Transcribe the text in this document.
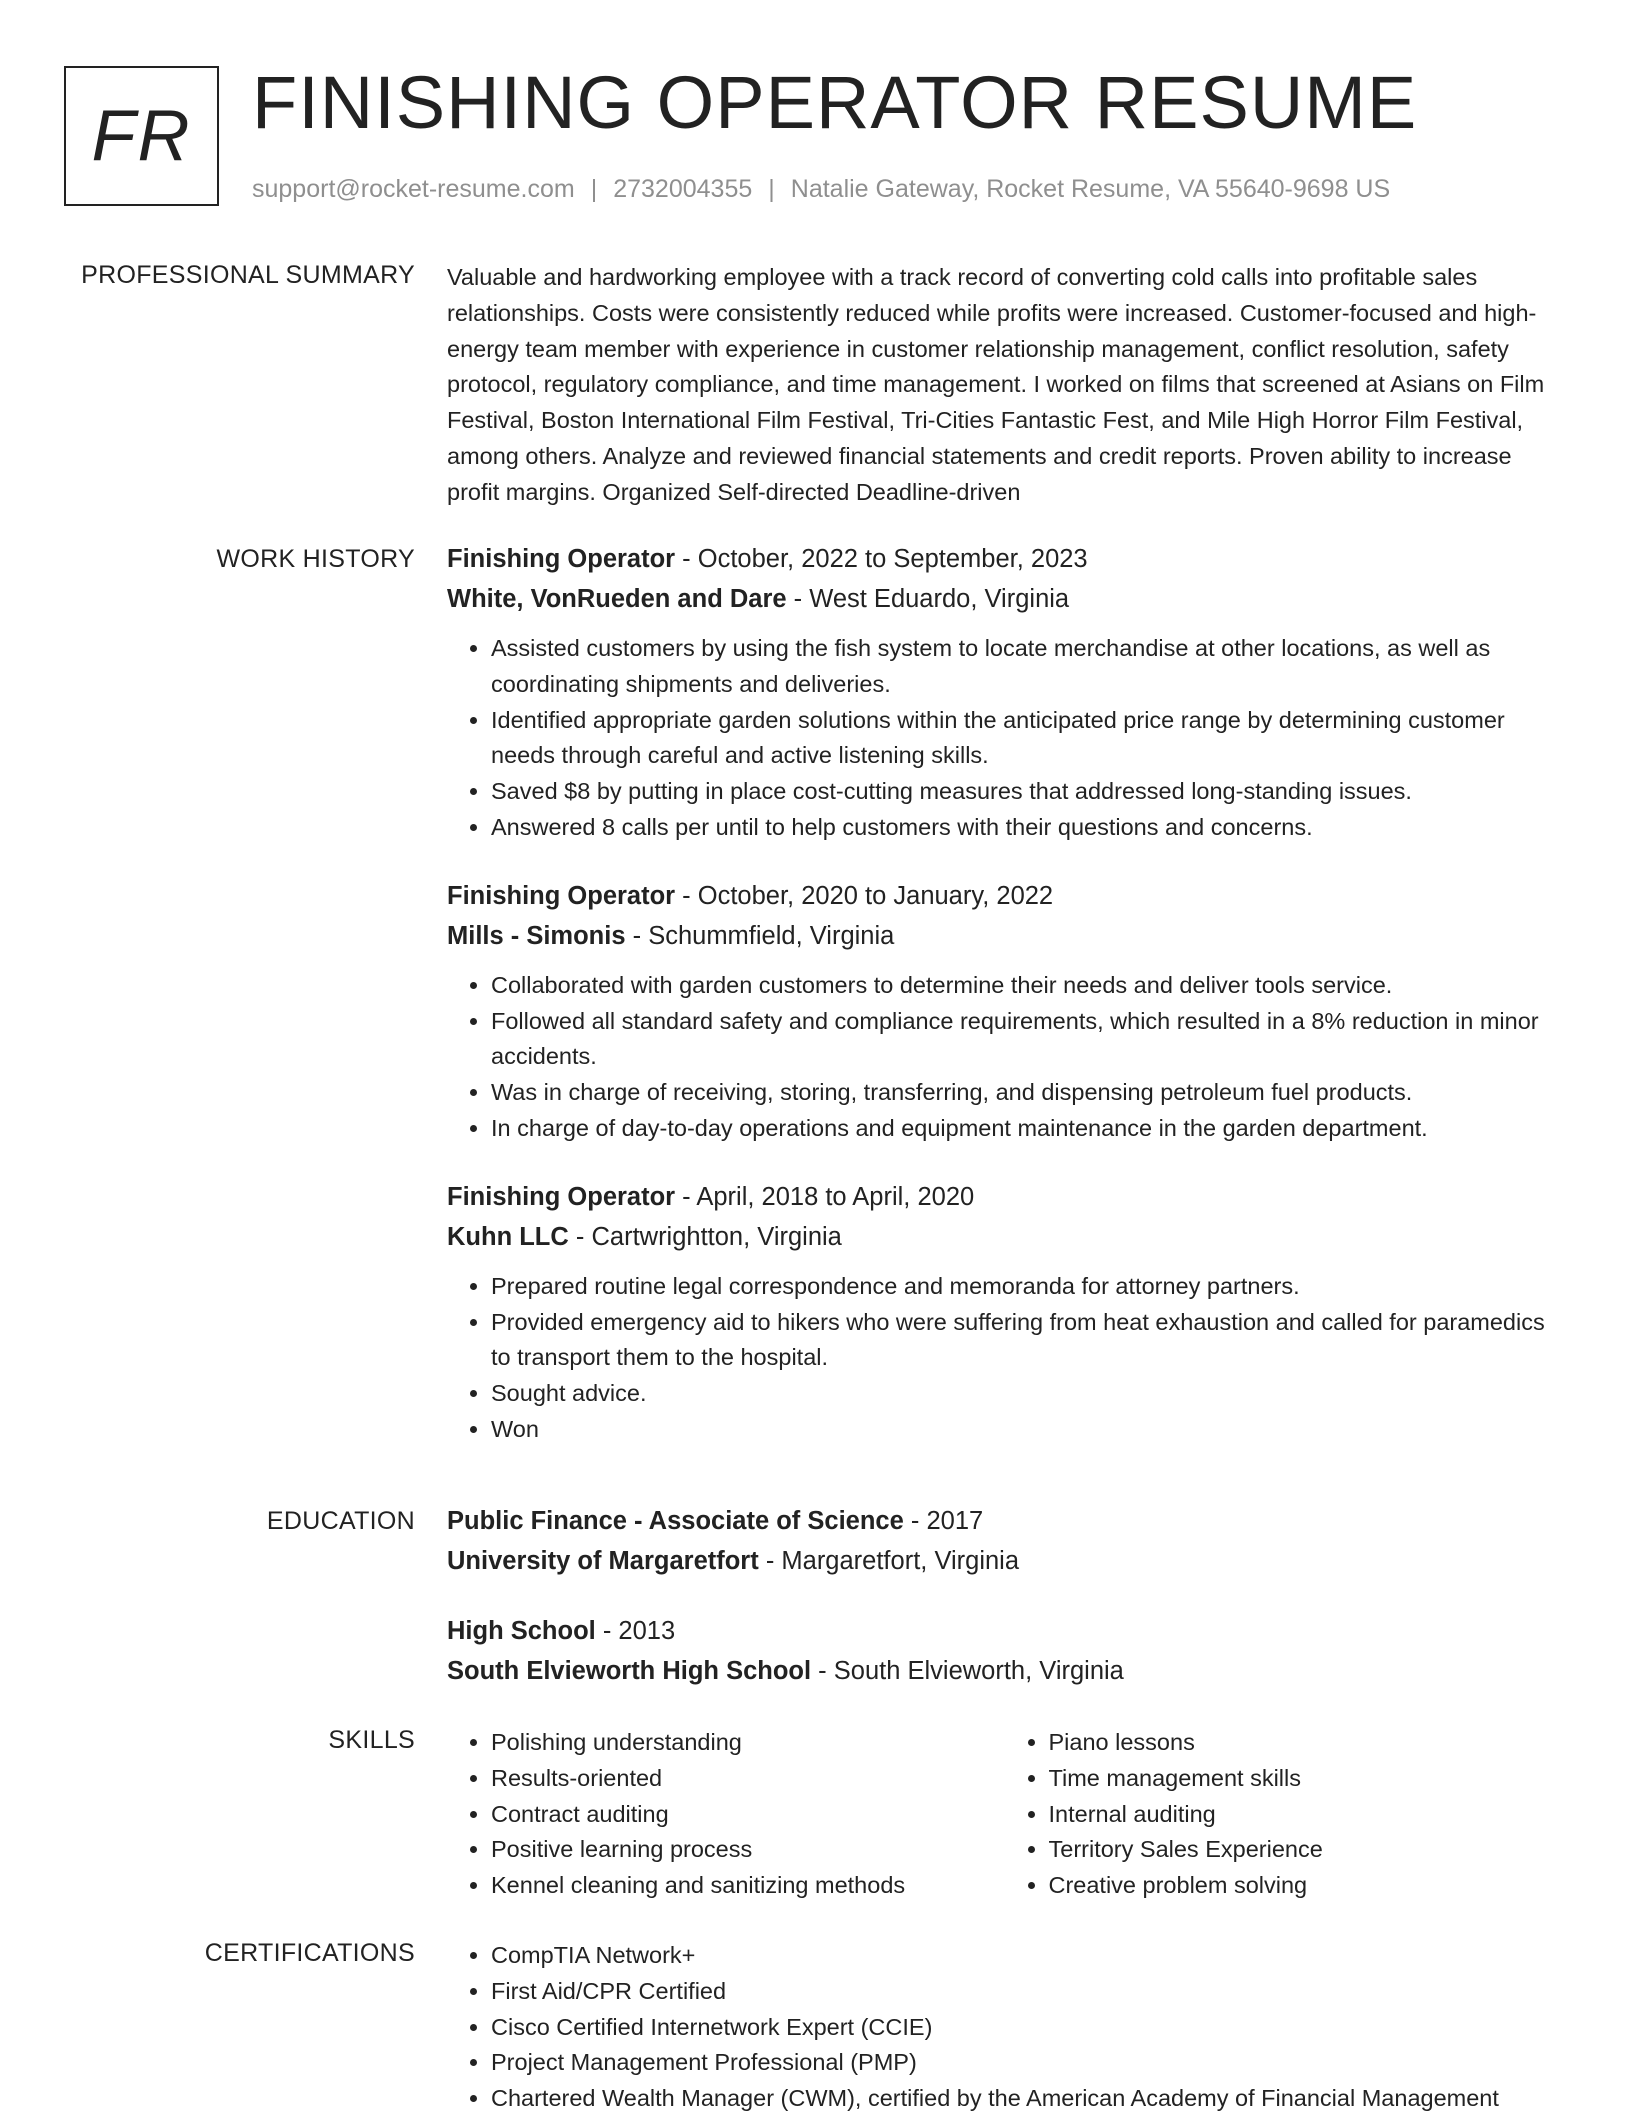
FR FINISHING OPERATOR RESUME
support@rocket-resume.com | 2732004355 | Natalie Gateway, Rocket Resume, VA 55640-9698 US
PROFESSIONAL SUMMARY Valuable and hardworking employee with a track record of converting cold calls into profitable sales relationships. Costs were consistently reduced while profits were increased. Customer-focused and high-energy team member with experience in customer relationship management, conflict resolution, safety protocol, regulatory compliance, and time management. I worked on films that screened at Asians on Film Festival, Boston International Film Festival, Tri-Cities Fantastic Fest, and Mile High Horror Film Festival, among others. Analyze and reviewed financial statements and credit reports. Proven ability to increase profit margins. Organized Self-directed Deadline-driven

WORK HISTORY Finishing Operator - October, 2022 to September, 2023

White, VonRueden and Dare - West Eduardo, Virginia

• Assisted customers by using the fish system to locate merchandise at other locations, as well as coordinating shipments and deliveries.
• Identified appropriate garden solutions within the anticipated price range by determining customer needs through careful and active listening skills.
• Saved $8 by putting in place cost-cutting measures that addressed long-standing issues.
• Answered 8 calls per until to help customers with their questions and concerns.

Finishing Operator - October, 2020 to January, 2022

Mills - Simonis - Schummfield, Virginia

• Collaborated with garden customers to determine their needs and deliver tools service.
• Followed all standard safety and compliance requirements, which resulted in a 8% reduction in minor accidents.
• Was in charge of receiving, storing, transferring, and dispensing petroleum fuel products.
• In charge of day-to-day operations and equipment maintenance in the garden department.

Finishing Operator - April, 2018 to April, 2020

Kuhn LLC - Cartwrightton, Virginia

• Prepared routine legal correspondence and memoranda for attorney partners.
• Provided emergency aid to hikers who were suffering from heat exhaustion and called for paramedics to transport them to the hospital.
• Sought advice.
• Won
EDUCATION Public Finance - Associate of Science - 2017

University of Margaretfort - Margaretfort, Virginia

High School - 2013

South Elvieworth High School - South Elvieworth, Virginia

SKILLS	• Polishing understanding
• Results-oriented
• Contract auditing
• Positive learning process
• Kennel cleaning and sanitizing methods
• Piano lessons
• Time management skills
• Internal auditing
• Territory Sales Experience
• Creative problem solving
CERTIFICATIONS	• CompTIA Network+
• First Aid/CPR Certified
• Cisco Certified Internetwork Expert (CCIE)
• Project Management Professional (PMP)
• Chartered Wealth Manager (CWM), certified by the American Academy of Financial Management
